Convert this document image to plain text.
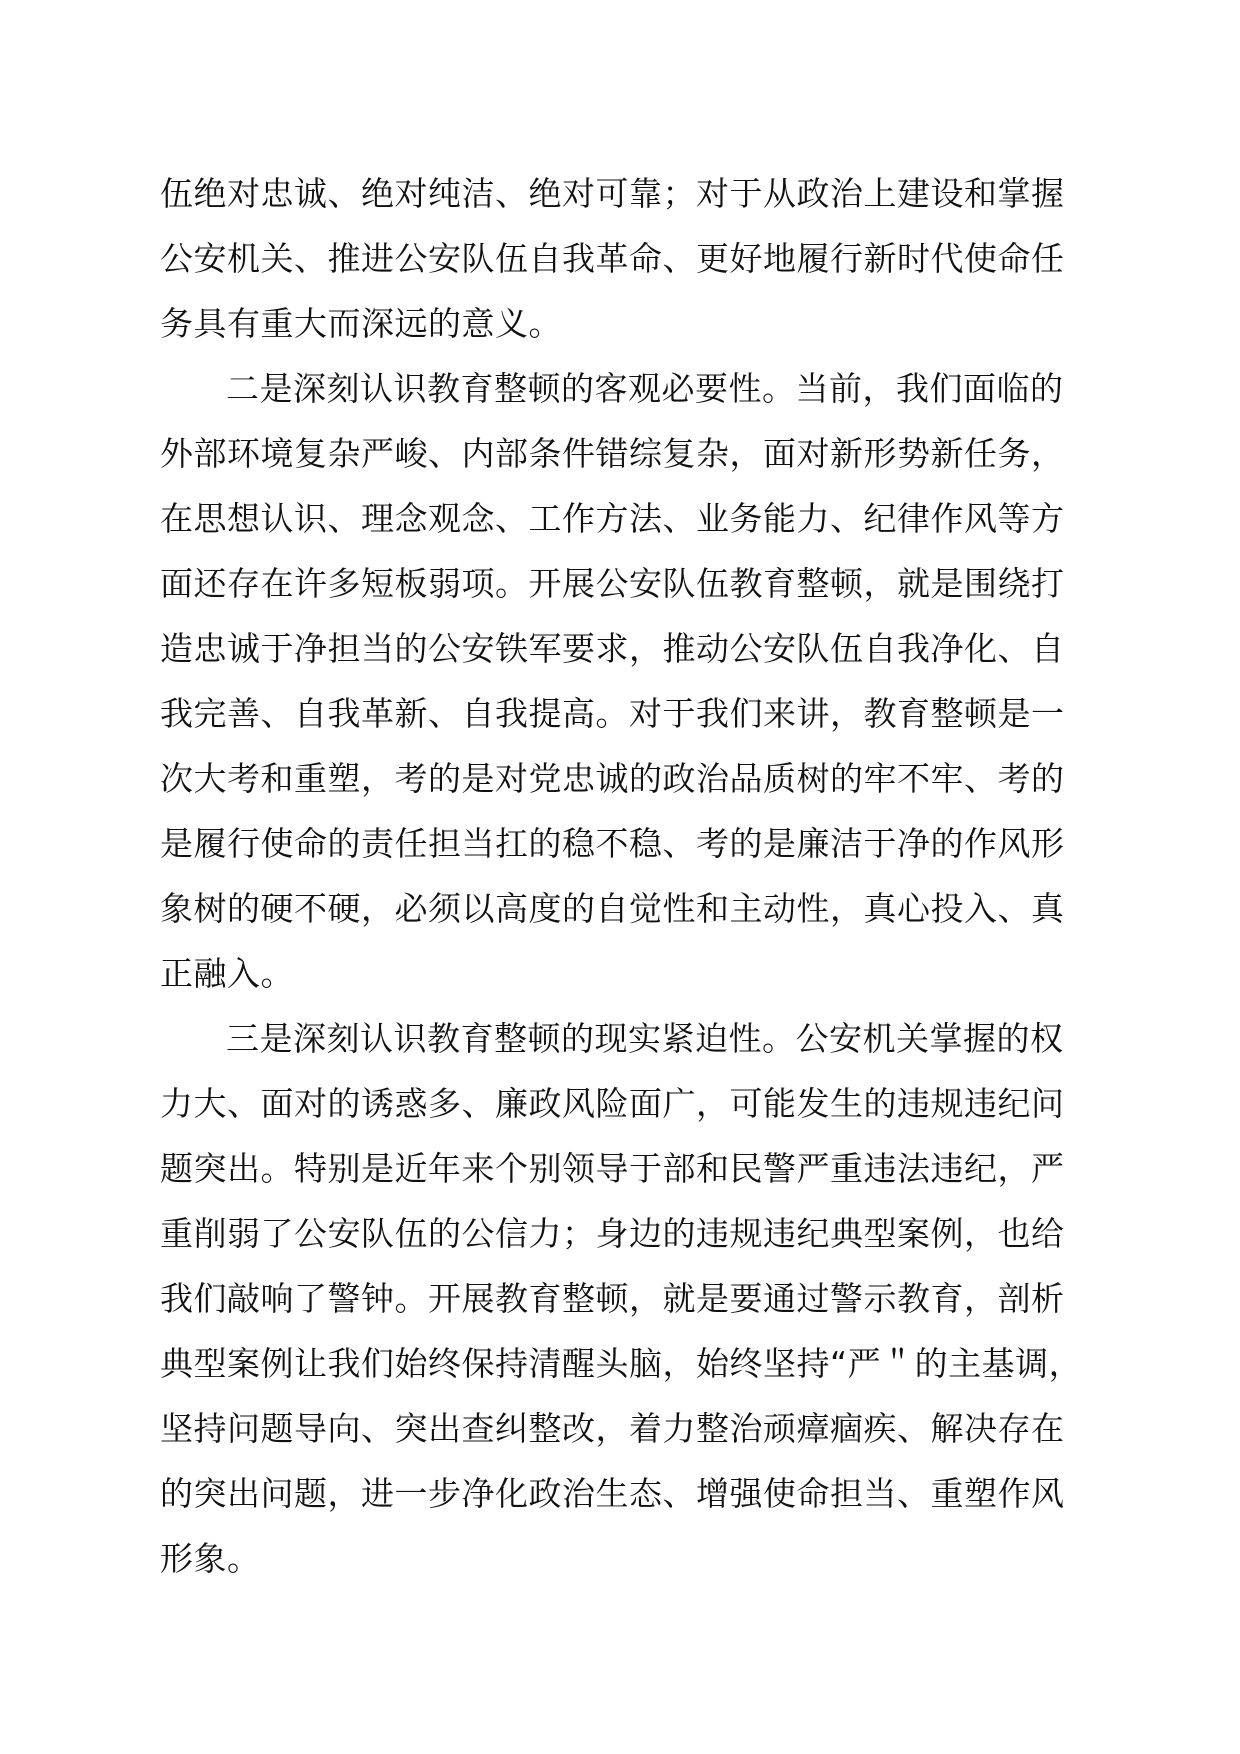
伍绝对忠诚、绝对纯洁、绝对可靠；对于从政治上建设和掌握
公安机关、推进公安队伍自我革命、更好地履行新时代使命任
务具有重大而深远的意义。
二是深刻认识教育整顿的客观必要性。当前，我们面临的
外部环境复杂严峻、内部条件错综复杂，面对新形势新任务，
在思想认识、理念观念、工作方法、业务能力、纪律作风等方
面还存在许多短板弱项。开展公安队伍教育整顿，就是围绕打
造忠诚于净担当的公安铁军要求，推动公安队伍自我净化、自
我完善、自我革新、自我提高。对于我们来讲，教育整顿是一
次大考和重塑，考的是对党忠诚的政治品质树的牢不牢、考的
是履行使命的责任担当扛的稳不稳、考的是廉洁于净的作风形
象树的硬不硬，必须以高度的自觉性和主动性，真心投入、真
正融入。
三是深刻认识教育整顿的现实紧迫性。公安机关掌握的权
力大、面对的诱惑多、廉政风险面广，可能发生的违规违纪问
题突出。特别是近年来个别领导于部和民警严重违法违纪，严
重削弱了公安队伍的公信力；身边的违规违纪典型案例，也给
我们敲响了警钟。开展教育整顿，就是要通过警示教育，剖析
典型案例让我们始终保持清醒头脑，始终坚持“严＂的主基调，
坚持问题导向、突出查纠整改，着力整治顽瘴痼疾、解决存在
的突出问题，进一步净化政治生态、增强使命担当、重塑作风
形象。
